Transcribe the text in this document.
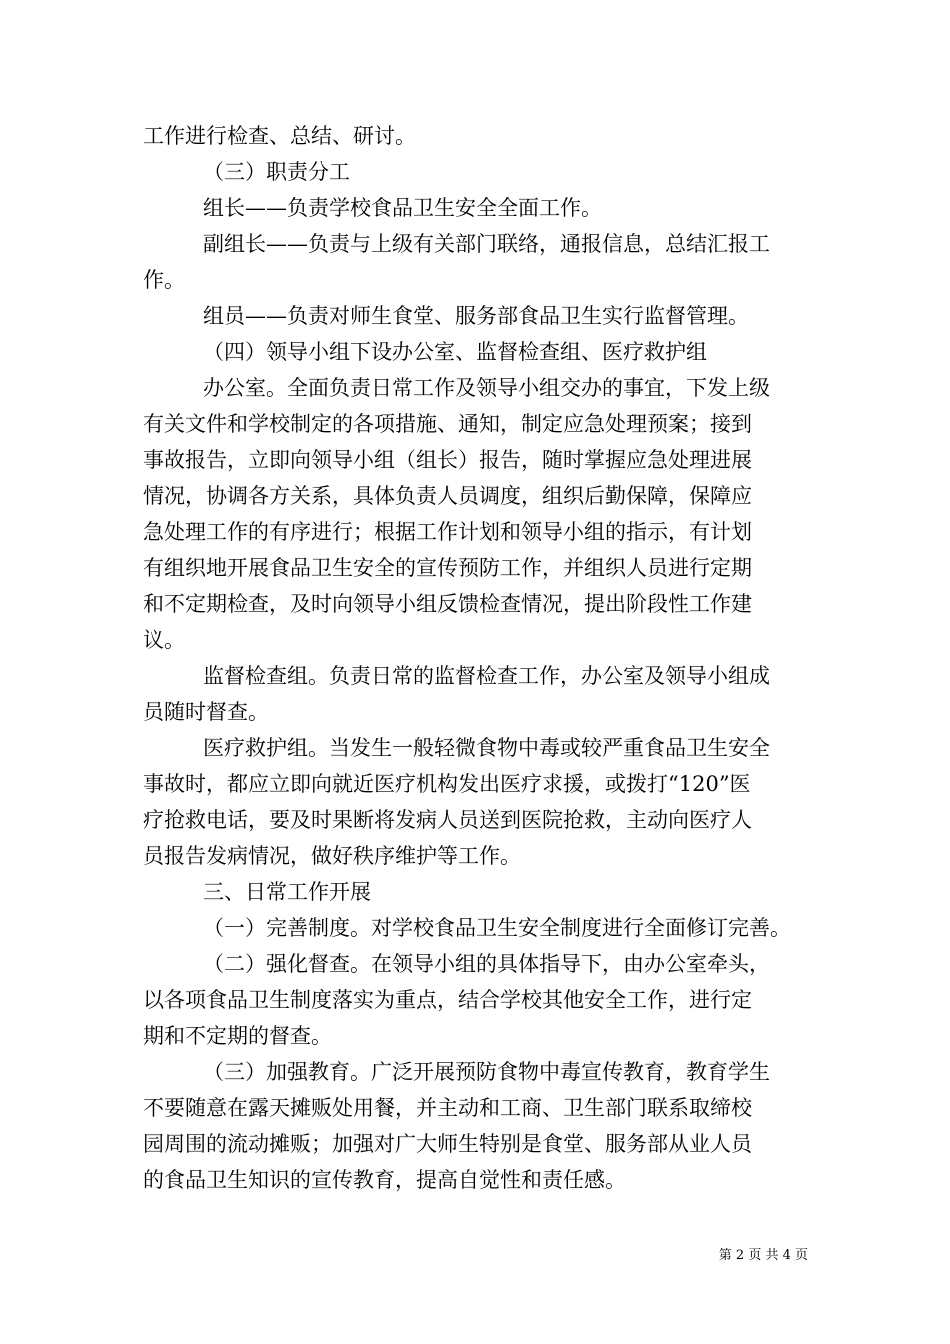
工作进行检查、总结、研讨。
（三）职责分工
组长——负责学校食品卫生安全全面工作。
副组长——负责与上级有关部门联络，通报信息，总结汇报工
作。
组员——负责对师生食堂、服务部食品卫生实行监督管理。
（四）领导小组下设办公室、监督检查组、医疗救护组
办公室。全面负责日常工作及领导小组交办的事宜，下发上级
有关文件和学校制定的各项措施、通知，制定应急处理预案；接到
事故报告，立即向领导小组（组长）报告，随时掌握应急处理进展
情况，协调各方关系，具体负责人员调度，组织后勤保障，保障应
急处理工作的有序进行；根据工作计划和领导小组的指示，有计划
有组织地开展食品卫生安全的宣传预防工作，并组织人员进行定期
和不定期检查，及时向领导小组反馈检查情况，提出阶段性工作建
议。
监督检查组。负责日常的监督检查工作，办公室及领导小组成
员随时督查。
医疗救护组。当发生一般轻微食物中毒或较严重食品卫生安全
事故时，都应立即向就近医疗机构发出医疗求援，或拨打“120”医
疗抢救电话，要及时果断将发病人员送到医院抢救，主动向医疗人
员报告发病情况，做好秩序维护等工作。
三、日常工作开展
（一）完善制度。对学校食品卫生安全制度进行全面修订完善。
（二）强化督查。在领导小组的具体指导下，由办公室牵头，
以各项食品卫生制度落实为重点，结合学校其他安全工作，进行定
期和不定期的督查。
（三）加强教育。广泛开展预防食物中毒宣传教育，教育学生
不要随意在露天摊贩处用餐，并主动和工商、卫生部门联系取缔校
园周围的流动摊贩；加强对广大师生特别是食堂、服务部从业人员
的食品卫生知识的宣传教育，提高自觉性和责任感。
第 2 页 共 4 页
